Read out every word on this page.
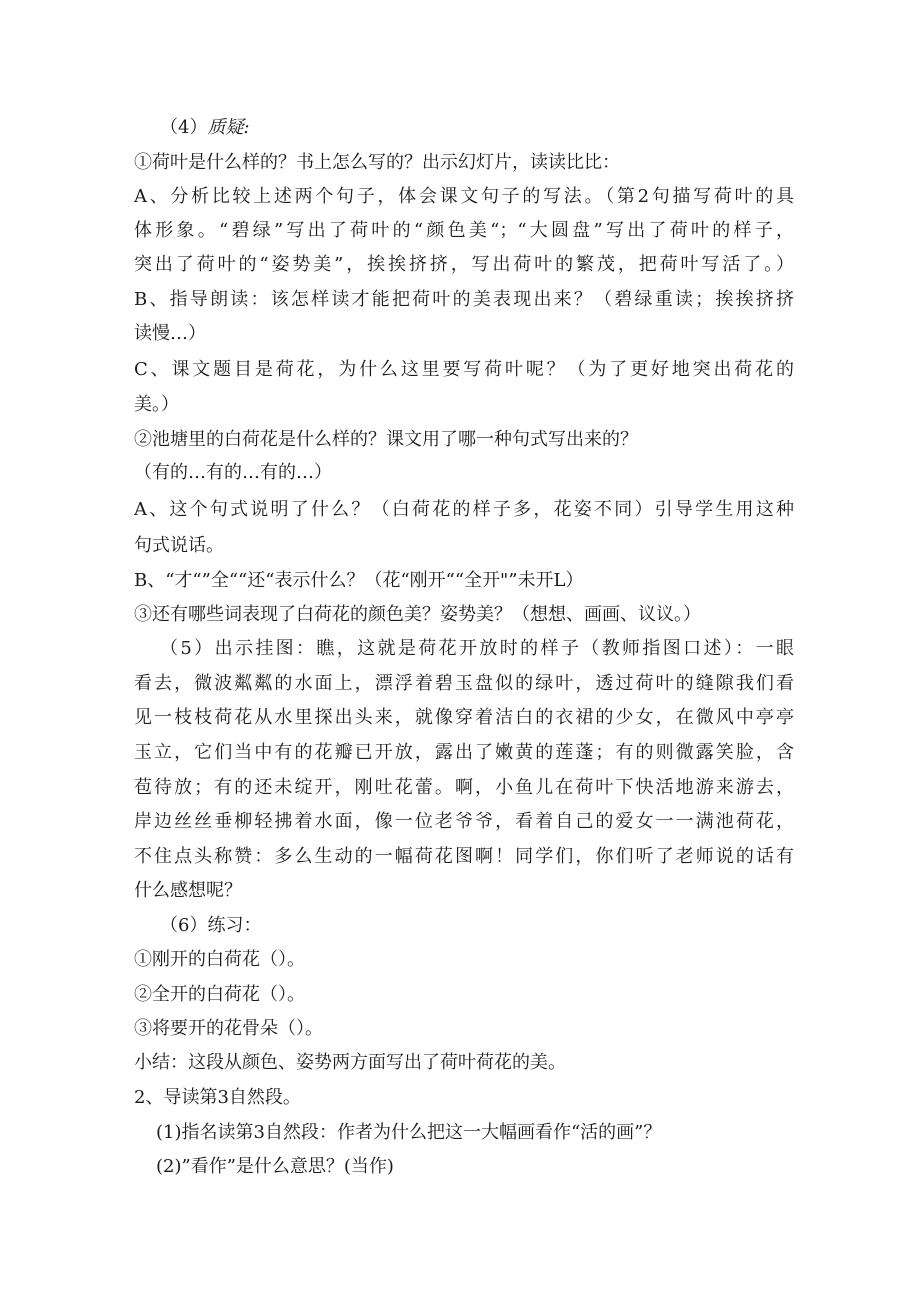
（4）质疑:
①荷叶是什么样的？书上怎么写的？出示幻灯片，读读比比：
A、分析比较上述两个句子，体会课文句子的写法。（第2句描写荷叶的具
体形象。“碧绿”写出了荷叶的“颜色美“；“大圆盘”写出了荷叶的样子，
突出了荷叶的“姿势美”，挨挨挤挤，写出荷叶的繁茂，把荷叶写活了。）
B、指导朗读：该怎样读才能把荷叶的美表现出来？（碧绿重读；挨挨挤挤
读慢…）
C、课文题目是荷花，为什么这里要写荷叶呢？（为了更好地突出荷花的
美。）
②池塘里的白荷花是什么样的？课文用了哪一种句式写出来的？
（有的…有的…有的…）
A、这个句式说明了什么？（白荷花的样子多，花姿不同）引导学生用这种
句式说话。
B、“才“”全““还“表示什么？（花“刚开““全开"”未开L）
③还有哪些词表现了白荷花的颜色美？姿势美？（想想、画画、议议。）
（5）出示挂图：瞧，这就是荷花开放时的样子（教师指图口述）：一眼
看去，微波粼粼的水面上，漂浮着碧玉盘似的绿叶，透过荷叶的缝隙我们看
见一枝枝荷花从水里探出头来，就像穿着洁白的衣裙的少女，在微风中亭亭
玉立，它们当中有的花瓣已开放，露出了嫩黄的莲蓬；有的则微露笑脸，含
苞待放；有的还未绽开，刚吐花蕾。啊，小鱼儿在荷叶下快活地游来游去，
岸边丝丝垂柳轻拂着水面，像一位老爷爷，看着自己的爱女一一满池荷花，
不住点头称赞：多么生动的一幅荷花图啊！同学们，你们听了老师说的话有
什么感想呢？
（6）练习：
①刚开的白荷花（）。
②全开的白荷花（）。
③将要开的花骨朵（）。
小结：这段从颜色、姿势两方面写出了荷叶荷花的美。
2、导读第3自然段。
(1)指名读第3自然段：作者为什么把这一大幅画看作“活的画”？
(2)”看作”是什么意思？(当作)
